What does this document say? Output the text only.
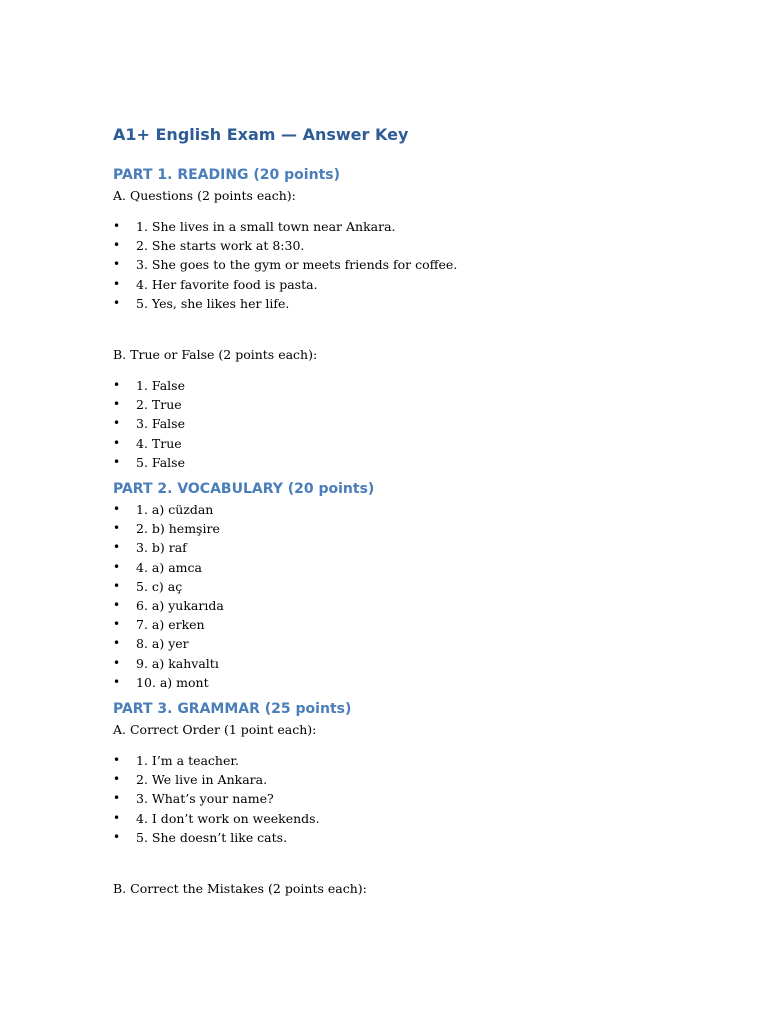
A1+ English Exam — Answer Key
PART 1. READING (20 points)

A. Questions (2 points each):

• 1. She lives in a small town near Ankara.
• 2. She starts work at 8:30.
• 3. She goes to the gym or meets friends for coffee.
• 4. Her favorite food is pasta.
• 5. Yes, she likes her life.

B. True or False (2 points each):

• 1. False
• 2. True
• 3. False
• 4. True
• 5. False
PART 2. VOCABULARY (20 points)
• 1. a) cüzdan
• 2. b) hemşire
• 3. b) raf
• 4. a) amca
• 5. c) aç
• 6. a) yukarıda
• 7. a) erken
• 8. a) yer
• 9. a) kahvaltı
• 10. a) mont
PART 3. GRAMMAR (25 points)

A. Correct Order (1 point each):

• 1. I’m a teacher.
• 2. We live in Ankara.
• 3. What’s your name?
• 4. I don’t work on weekends.
• 5. She doesn’t like cats.

B. Correct the Mistakes (2 points each):
